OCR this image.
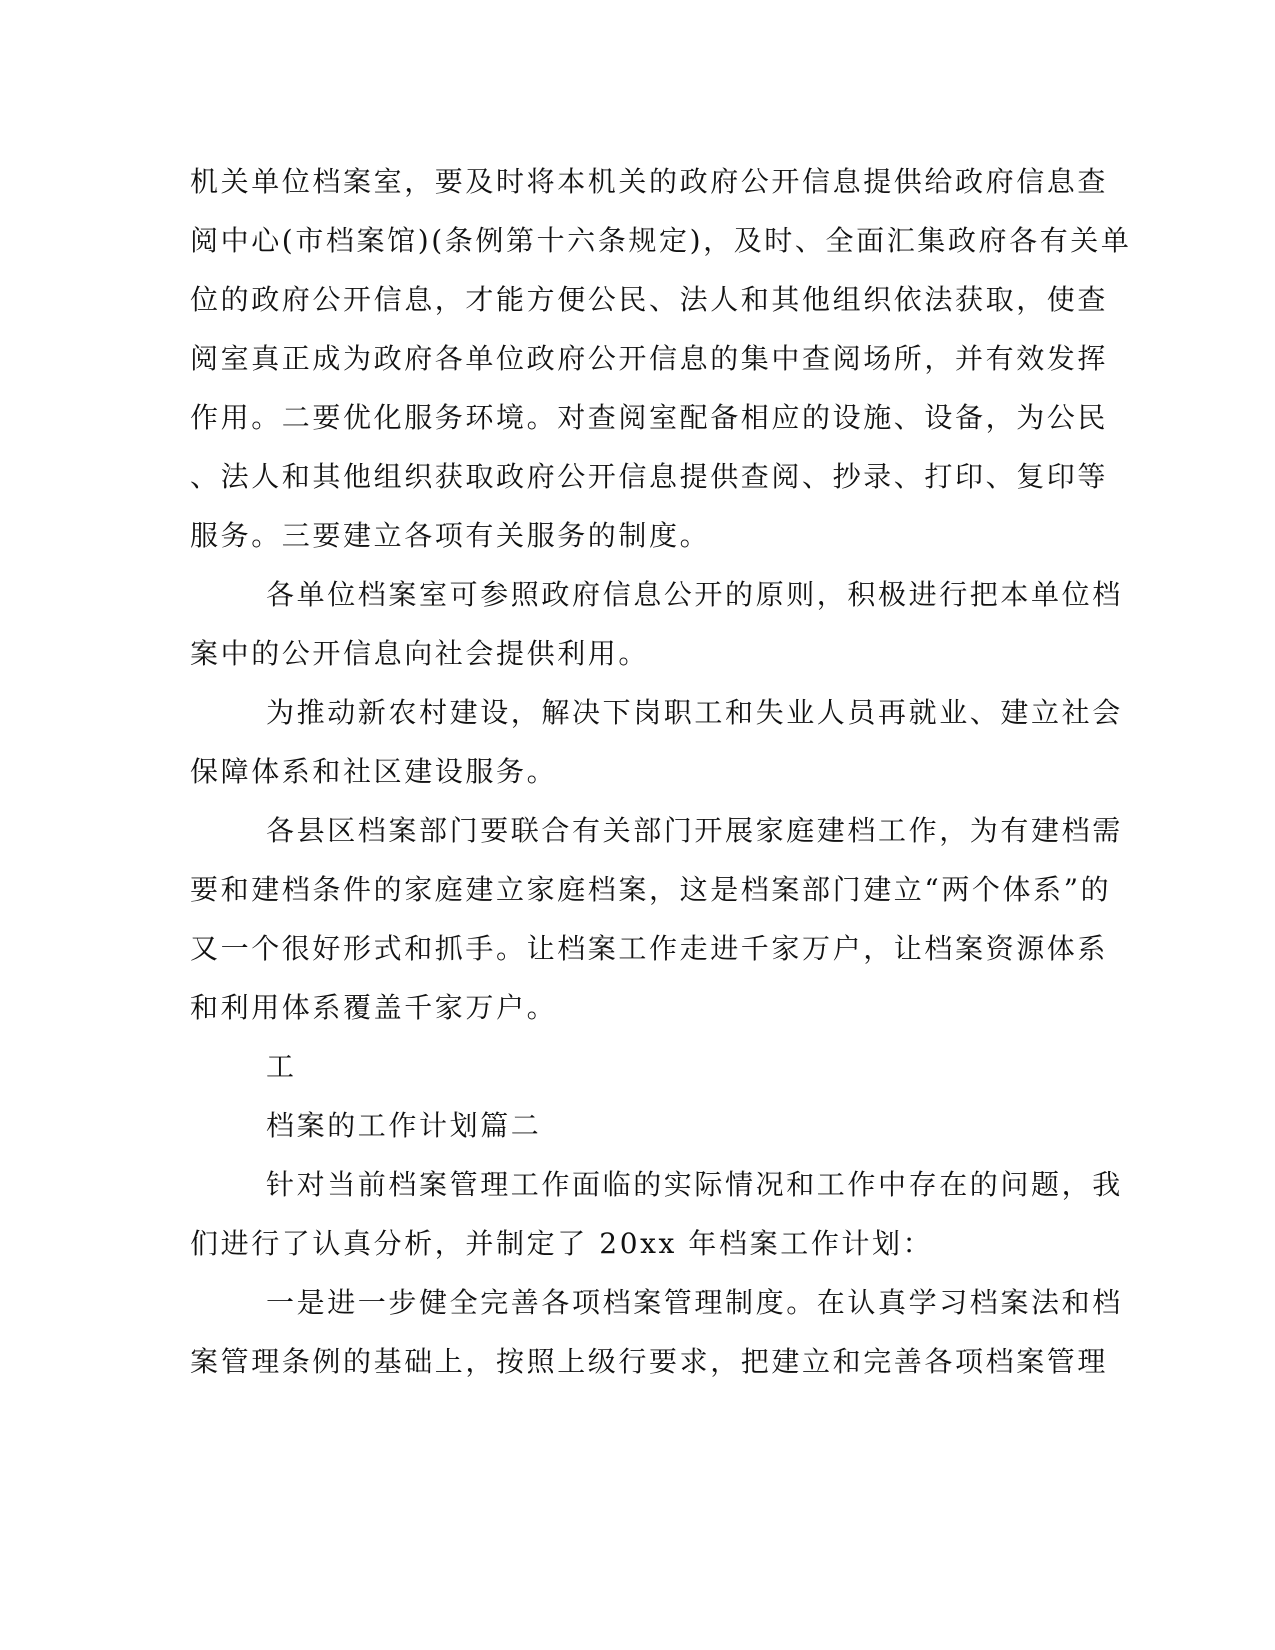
机关单位档案室，要及时将本机关的政府公开信息提供给政府信息查
阅中心(市档案馆)(条例第十六条规定)，及时、全面汇集政府各有关单
位的政府公开信息，才能方便公民、法人和其他组织依法获取，使查
阅室真正成为政府各单位政府公开信息的集中查阅场所，并有效发挥
作用。二要优化服务环境。对查阅室配备相应的设施、设备，为公民
、法人和其他组织获取政府公开信息提供查阅、抄录、打印、复印等
服务。三要建立各项有关服务的制度。
各单位档案室可参照政府信息公开的原则，积极进行把本单位档
案中的公开信息向社会提供利用。
为推动新农村建设，解决下岗职工和失业人员再就业、建立社会
保障体系和社区建设服务。
各县区档案部门要联合有关部门开展家庭建档工作，为有建档需
要和建档条件的家庭建立家庭档案，这是档案部门建立“两个体系”的
又一个很好形式和抓手。让档案工作走进千家万户，让档案资源体系
和利用体系覆盖千家万户。
工
档案的工作计划篇二
针对当前档案管理工作面临的实际情况和工作中存在的问题，我
们进行了认真分析，并制定了 20xx 年档案工作计划：
一是进一步健全完善各项档案管理制度。在认真学习档案法和档
案管理条例的基础上，按照上级行要求，把建立和完善各项档案管理
